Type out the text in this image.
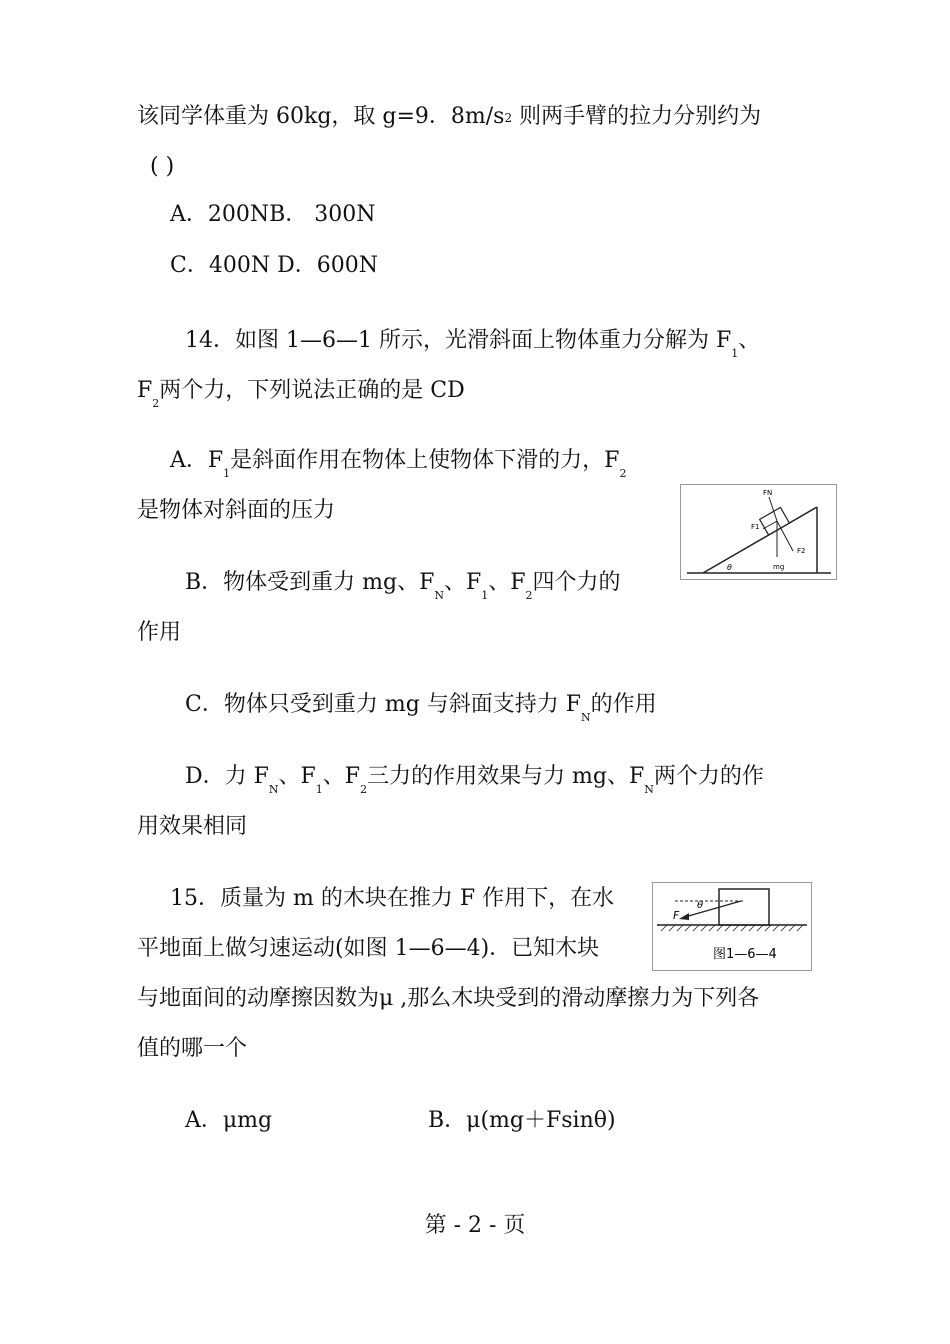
该同学体重为 60kg，取 g=9．8m/s2 则两手臂的拉力分别约为
( )
A．200NB． 300N
C．400N D．600N
14．如图 1—6—1 所示，光滑斜面上物体重力分解为 $F_1$、
$F_2$两个力，下列说法正确的是 CD
A．$F_1$是斜面作用在物体上使物体下滑的力，$F_2$
是物体对斜面的压力
FN
F1
F2
θ	mg
B．物体受到重力 mg、$F_N$、$F_1$、$F_2$四个力的
作用
C．物体只受到重力 mg 与斜面支持力 $F_N$的作用
D．力 $F_N$、$F_1$、$F_2$三力的作用效果与力 mg、$F_N$两个力的作
用效果相同
15．质量为 m 的木块在推力 F 作用下，在水
平地面上做匀速运动(如图 1—6—4)．已知木块
F
θ
图1—6—4
与地面间的动摩擦因数为μ ,那么木块受到的滑动摩擦力为下列各
值的哪一个
A．μmg	B．μ(mg＋Fsinθ)
第 - 2 - 页
